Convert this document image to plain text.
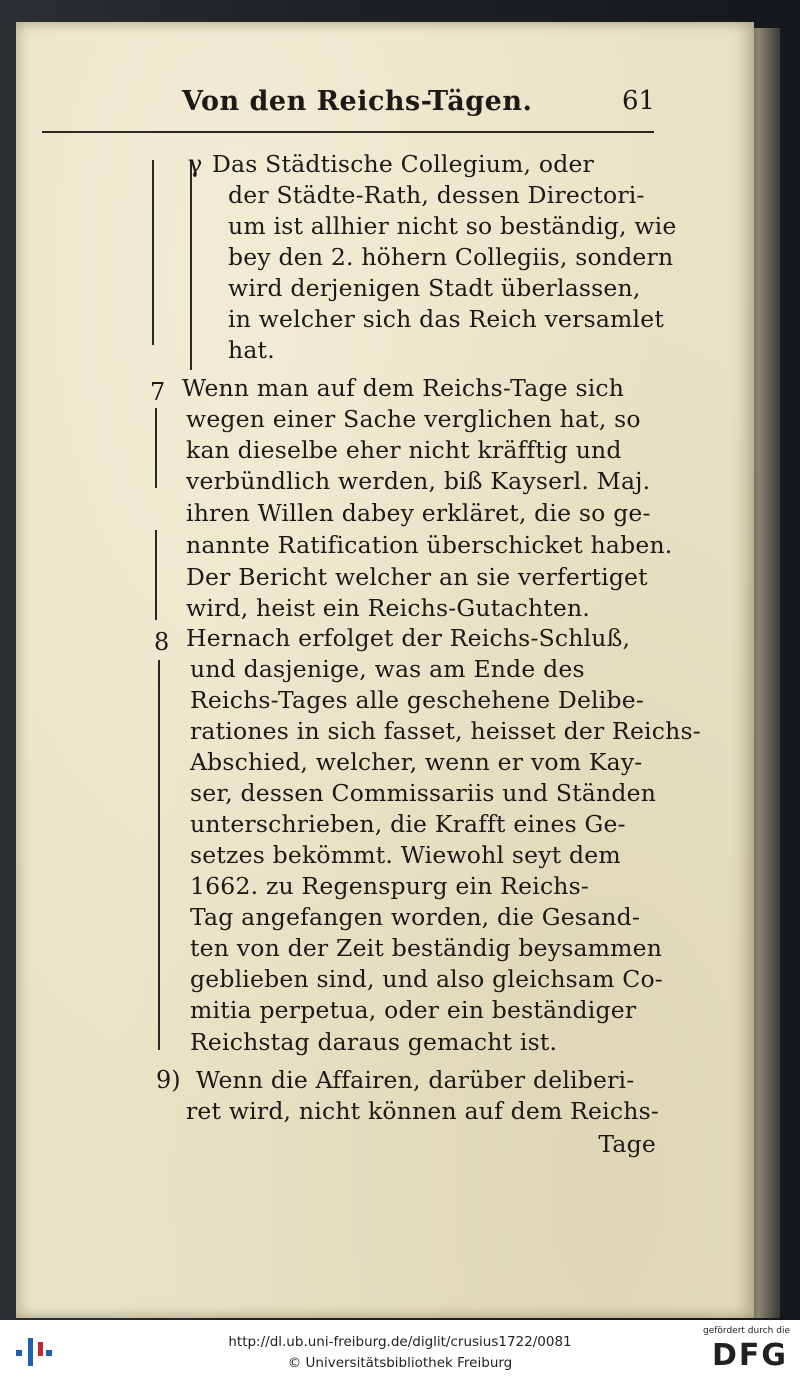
Von den Reichs-Tägen.	61
γ
7
8
9)
Das Städtische Collegium, oder
der Städte-Rath, dessen Directori-
um ist allhier nicht so beständig, wie
bey den 2. höhern Collegiis, sondern
wird derjenigen Stadt überlassen,
in welcher sich das Reich versamlet
hat.
Wenn man auf dem Reichs-Tage sich
wegen einer Sache verglichen hat, so
kan dieselbe eher nicht kräfftig und
verbündlich werden, biß Kayserl. Maj.
ihren Willen dabey erkläret, die so ge-
nannte Ratification überschicket haben.
Der Bericht welcher an sie verfertiget
wird, heist ein Reichs-Gutachten.
Hernach erfolget der Reichs-Schluß,
und dasjenige, was am Ende des
Reichs-Tages alle geschehene Delibe-
rationes in sich fasset, heisset der Reichs-
Abschied, welcher, wenn er vom Kay-
ser, dessen Commissariis und Ständen
unterschrieben, die Krafft eines Ge-
setzes bekömmt. Wiewohl seyt dem
1662. zu Regenspurg ein Reichs-
Tag angefangen worden, die Gesand-
ten von der Zeit beständig beysammen
geblieben sind, und also gleichsam Co-
mitia perpetua, oder ein beständiger
Reichstag daraus gemacht ist.
Wenn die Affairen, darüber deliberi-
ret wird, nicht können auf dem Reichs-
Tage
http://dl.ub.uni-freiburg.de/diglit/crusius1722/0081
© Universitätsbibliothek Freiburg
gefördert durch die
DFG
